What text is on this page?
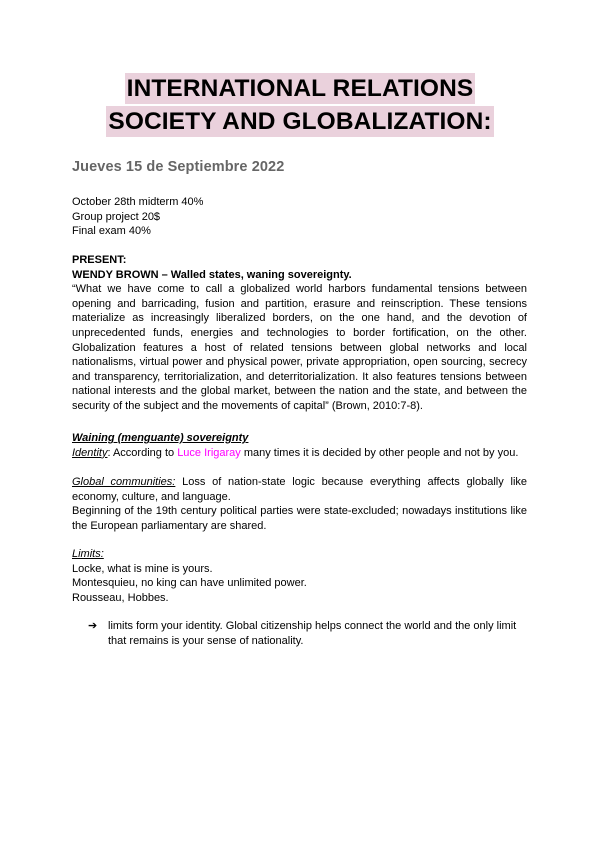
INTERNATIONAL RELATIONS
SOCIETY AND GLOBALIZATION:
Jueves 15 de Septiembre 2022
October 28th midterm 40%
Group project 20$
Final exam 40%
PRESENT:
WENDY BROWN – Walled states, waning sovereignty.
“What we have come to call a globalized world harbors fundamental tensions between opening and barricading, fusion and partition, erasure and reinscription. These tensions materialize as increasingly liberalized borders, on the one hand, and the devotion of unprecedented funds, energies and technologies to border fortification, on the other. Globalization features a host of related tensions between global networks and local nationalisms, virtual power and physical power, private appropriation, open sourcing, secrecy and transparency, territorialization, and deterritorialization. It also features tensions between national interests and the global market, between the nation and the state, and between the security of the subject and the movements of capital” (Brown, 2010:7-8).
Waining (menguante) sovereignty
Identity: According to Luce Irigaray many times it is decided by other people and not by you.
Global communities: Loss of nation-state logic because everything affects globally like economy, culture, and language.
Beginning of the 19th century political parties were state-excluded; nowadays institutions like the European parliamentary are shared.
Limits:
Locke, what is mine is yours.
Montesquieu, no king can have unlimited power.
Rousseau, Hobbes.
➔ limits form your identity. Global citizenship helps connect the world and the only limit that remains is your sense of nationality.
